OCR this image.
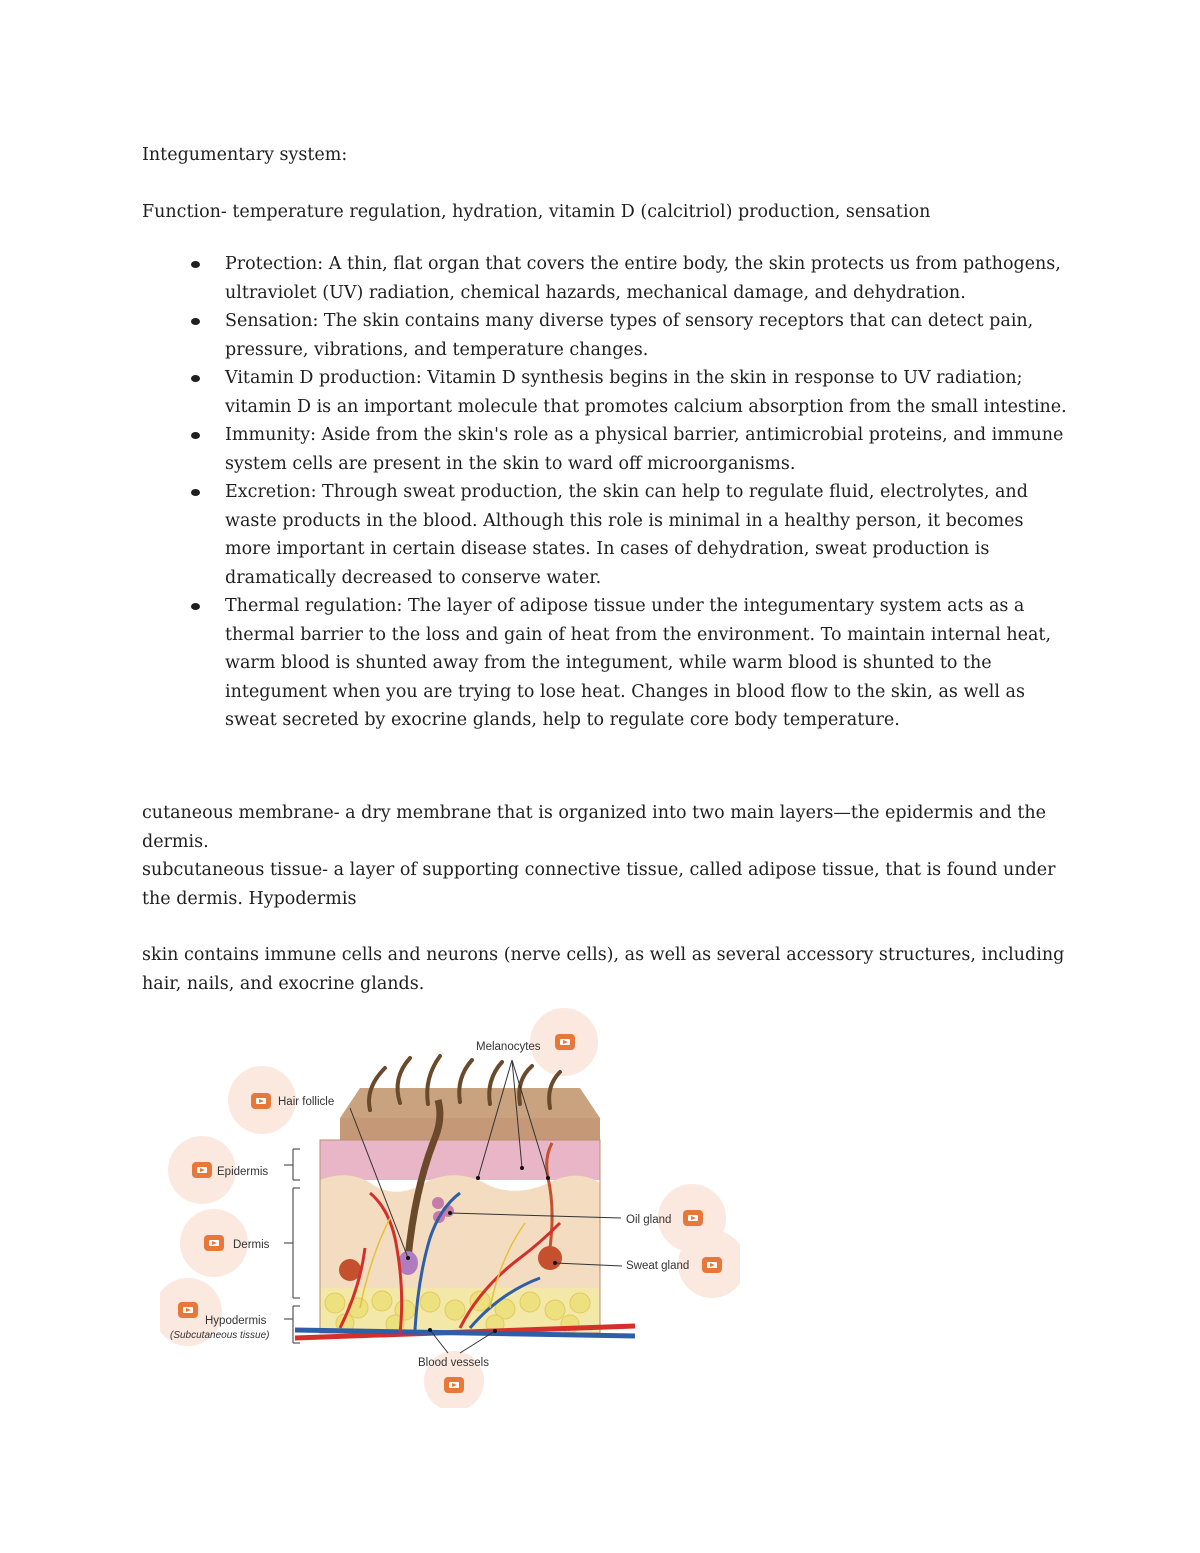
Integumentary system:

Function- temperature regulation, hydration, vitamin D (calcitriol) production, sensation

Protection: A thin, flat organ that covers the entire body, the skin protects us from pathogens, ultraviolet (UV) radiation, chemical hazards, mechanical damage, and dehydration.
Sensation: The skin contains many diverse types of sensory receptors that can detect pain, pressure, vibrations, and temperature changes.
Vitamin D production: Vitamin D synthesis begins in the skin in response to UV radiation; vitamin D is an important molecule that promotes calcium absorption from the small intestine.
Immunity: Aside from the skin's role as a physical barrier, antimicrobial proteins, and immune system cells are present in the skin to ward off microorganisms.
Excretion: Through sweat production, the skin can help to regulate fluid, electrolytes, and waste products in the blood. Although this role is minimal in a healthy person, it becomes more important in certain disease states. In cases of dehydration, sweat production is dramatically decreased to conserve water.
Thermal regulation: The layer of adipose tissue under the integumentary system acts as a thermal barrier to the loss and gain of heat from the environment. To maintain internal heat, warm blood is shunted away from the integument, while warm blood is shunted to the integument when you are trying to lose heat. Changes in blood flow to the skin, as well as sweat secreted by exocrine glands, help to regulate core body temperature.

cutaneous membrane- a dry membrane that is organized into two main layers—the epidermis and the dermis.

subcutaneous tissue- a layer of supporting connective tissue, called adipose tissue, that is found under the dermis. Hypodermis

skin contains immune cells and neurons (nerve cells), as well as several accessory structures, including hair, nails, and exocrine glands.

Melanocytes
Hair follicle
Epidermis
Dermis
Hypodermis
(Subcutaneous tissue)
Oil gland
Sweat gland
Blood vessels
